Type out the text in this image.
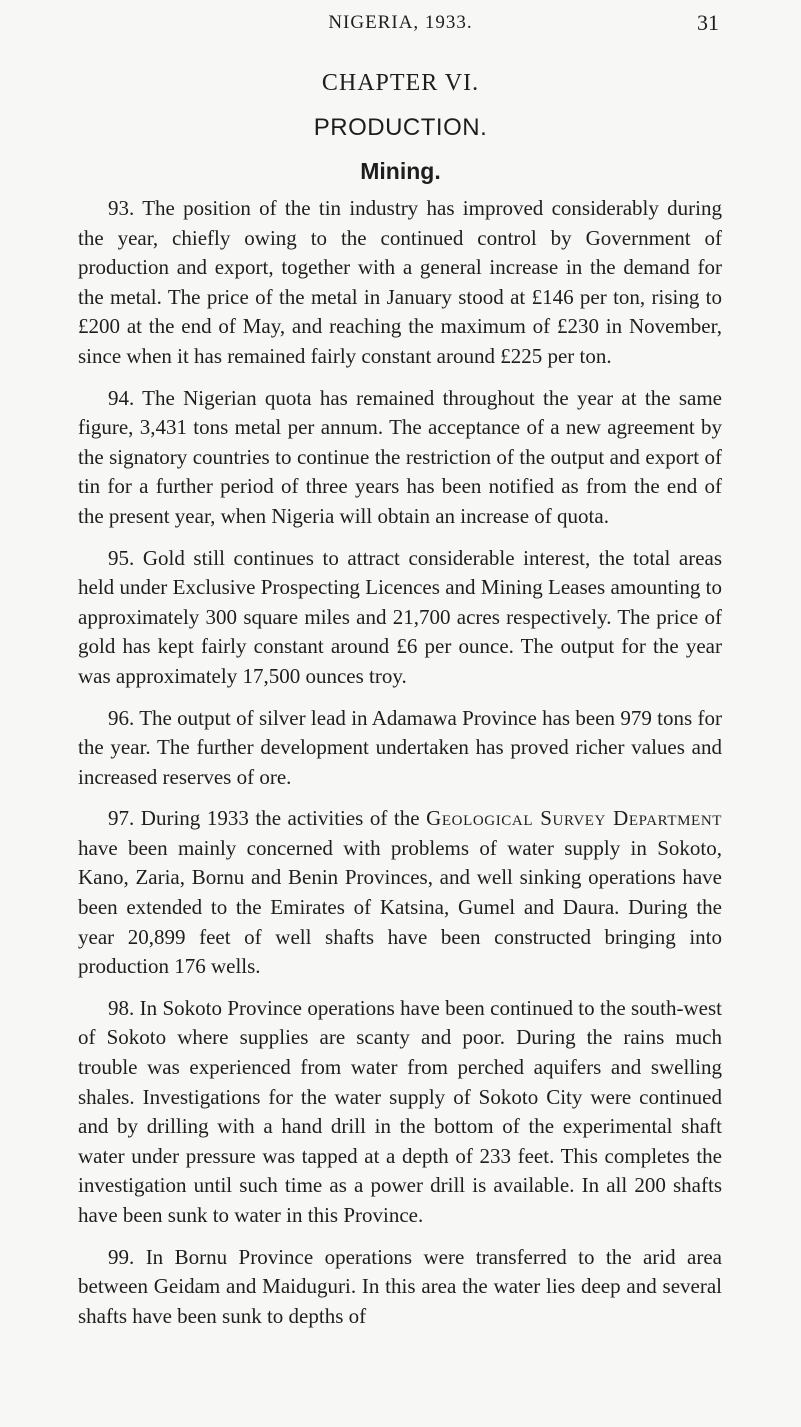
NIGERIA, 1933.	31
CHAPTER VI.
PRODUCTION.
Mining.

93. The position of the tin industry has improved considerably during the year, chiefly owing to the continued control by Government of production and export, together with a general increase in the demand for the metal. The price of the metal in January stood at £146 per ton, rising to £200 at the end of May, and reaching the maximum of £230 in November, since when it has remained fairly constant around £225 per ton.

94. The Nigerian quota has remained throughout the year at the same figure, 3,431 tons metal per annum. The acceptance of a new agreement by the signatory countries to continue the restriction of the output and export of tin for a further period of three years has been notified as from the end of the present year, when Nigeria will obtain an increase of quota.

95. Gold still continues to attract considerable interest, the total areas held under Exclusive Prospecting Licences and Mining Leases amounting to approximately 300 square miles and 21,700 acres respectively. The price of gold has kept fairly constant around £6 per ounce. The output for the year was approximately 17,500 ounces troy.

96. The output of silver lead in Adamawa Province has been 979 tons for the year. The further development undertaken has proved richer values and increased reserves of ore.

97. During 1933 the activities of the Geological Survey Department have been mainly concerned with problems of water supply in Sokoto, Kano, Zaria, Bornu and Benin Provinces, and well sinking operations have been extended to the Emirates of Katsina, Gumel and Daura. During the year 20,899 feet of well shafts have been constructed bringing into production 176 wells.

98. In Sokoto Province operations have been continued to the south-west of Sokoto where supplies are scanty and poor. During the rains much trouble was experienced from water from perched aquifers and swelling shales. Investigations for the water supply of Sokoto City were continued and by drilling with a hand drill in the bottom of the experimental shaft water under pressure was tapped at a depth of 233 feet. This completes the investigation until such time as a power drill is available. In all 200 shafts have been sunk to water in this Province.

99. In Bornu Province operations were transferred to the arid area between Geidam and Maiduguri. In this area the water lies deep and several shafts have been sunk to depths of
